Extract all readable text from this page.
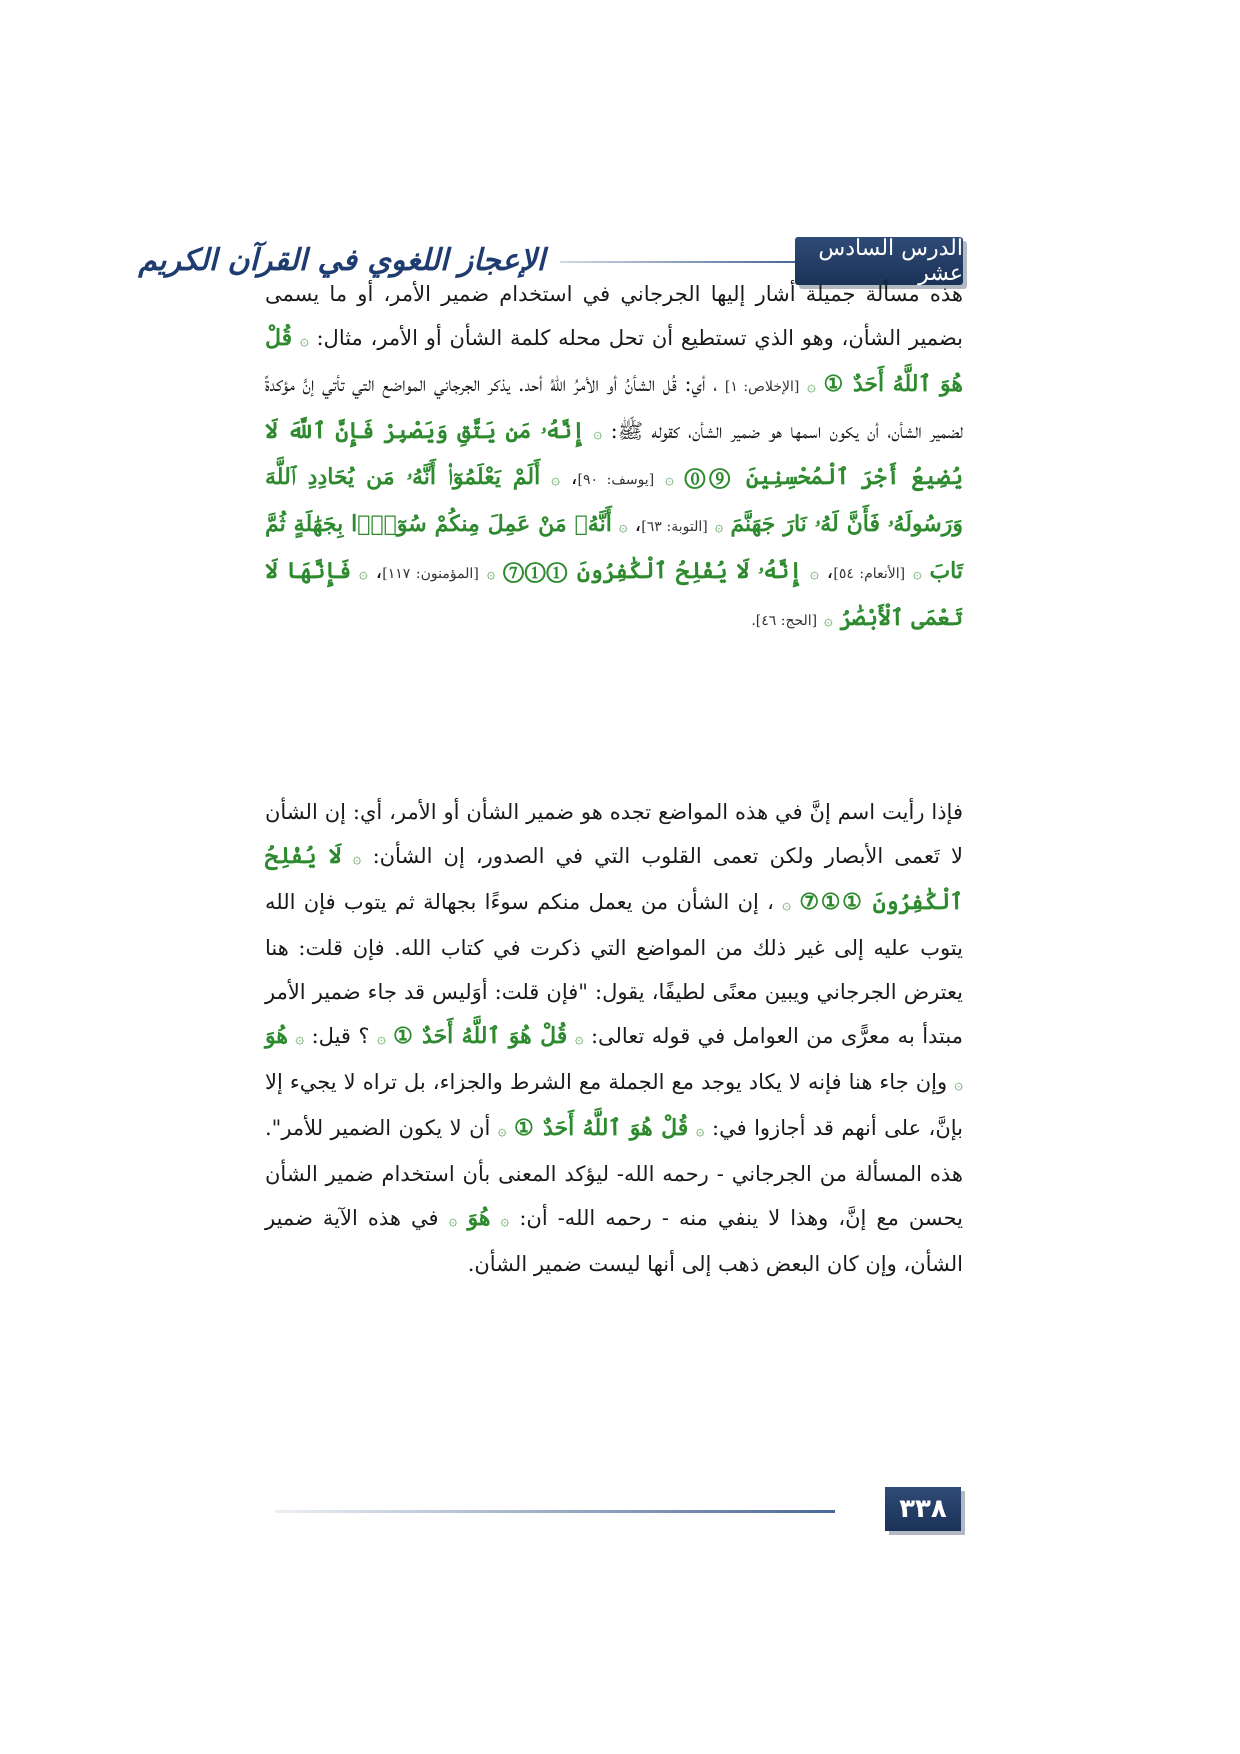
الدرس السادس عشر
الإعجاز اللغوي في القرآن الكريم

هذه مسألة جميلة أشار إليها الجرجاني في استخدام ضمير الأمر، أو ما يسمى بضمير الشأن، وهو الذي تستطيع أن تحل محله كلمة الشأن أو الأمر، مثال: ۞ قُلْ هُوَ ٱللَّهُ أَحَدٌ ① ۞ [الإخلاص: ١] ، أي: قُل الشأنُ أو الأمرُ اللهُ أحد. يذكر الجرجاني المواضع التي تأتي إنَّ مؤكدةً لضمير الشأن، أن يكون اسمها هو ضمير الشأن، كقوله ﷺ: ۞ إِنَّهُۥ مَن يَتَّقِ وَيَصْبِرْ فَإِنَّ ٱللَّهَ لَا يُضِيعُ أَجْرَ ٱلْمُحْسِنِينَ ⑨⓪ ۞ [يوسف: ٩٠]، ۞ أَلَمْ يَعْلَمُوٓا۟ أَنَّهُۥ مَن يُحَادِدِ ٱللَّهَ وَرَسُولَهُۥ فَأَنَّ لَهُۥ نَارَ جَهَنَّمَ ۞ [التوبة: ٦٣]، ۞ أَنَّهُۥ مَنْ عَمِلَ مِنكُمْ سُوٓءًۢا بِجَهَٰلَةٍ ثُمَّ تَابَ ۞ [الأنعام: ٥٤]، ۞ إِنَّهُۥ لَا يُفْلِحُ ٱلْكَٰفِرُونَ ①①⑦ ۞ [المؤمنون: ١١٧]، ۞ فَإِنَّهَا لَا تَعْمَى ٱلْأَبْصَٰرُ ۞ [الحج: ٤٦].

فإذا رأيت اسم إنَّ في هذه المواضع تجده هو ضمير الشأن أو الأمر، أي: إن الشأن لا تَعمى الأبصار ولكن تعمى القلوب التي في الصدور، إن الشأن: ۞ لَا يُفْلِحُ ٱلْكَٰفِرُونَ ①①⑦ ۞ ، إن الشأن من يعمل منكم سوءًا بجهالة ثم يتوب فإن الله يتوب عليه إلى غير ذلك من المواضع التي ذكرت في كتاب الله. فإن قلت: هنا يعترض الجرجاني ويبين معنًى لطيفًا، يقول: "فإن قلت: أوَليس قد جاء ضمير الأمر مبتدأ به معرًّى من العوامل في قوله تعالى: ۞ قُلْ هُوَ ٱللَّهُ أَحَدٌ ① ۞ ؟ قيل: ۞ هُوَ ۞ وإن جاء هنا فإنه لا يكاد يوجد مع الجملة مع الشرط والجزاء، بل تراه لا يجيء إلا بإنَّ، على أنهم قد أجازوا في: ۞ قُلْ هُوَ ٱللَّهُ أَحَدٌ ① ۞ أن لا يكون الضمير للأمر". هذه المسألة من الجرجاني - رحمه الله- ليؤكد المعنى بأن استخدام ضمير الشأن يحسن مع إنَّ، وهذا لا ينفي منه - رحمه الله- أن: ۞ هُوَ ۞ في هذه الآية ضمير الشأن، وإن كان البعض ذهب إلى أنها ليست ضمير الشأن.

٣٣٨
